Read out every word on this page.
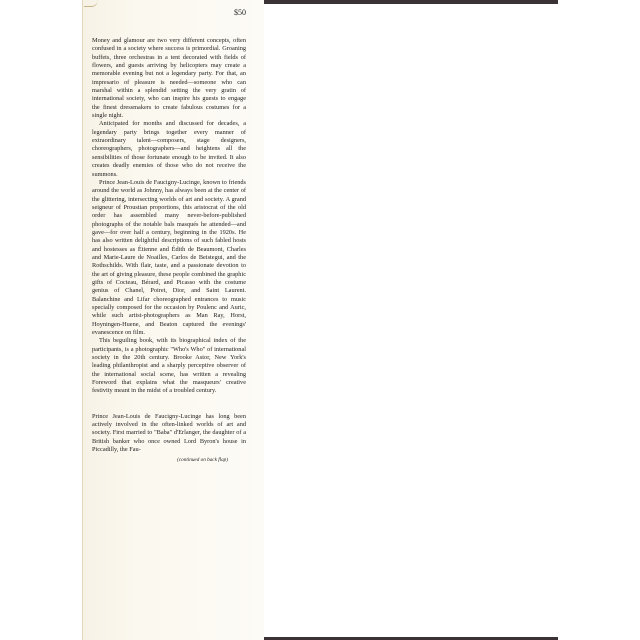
$50

Money and glamour are two very different concepts, often confused in a society where success is primordial. Groaning buffets, three orchestras in a tent decorated with fields of flowers, and guests arriving by helicopters may create a memorable evening but not a legendary party. For that, an impresario of pleasure is needed—someone who can marshal within a splendid setting the very gratin of international society, who can inspire his guests to engage the finest dressmakers to create fabulous costumes for a single night.

Anticipated for months and discussed for decades, a legendary party brings together every manner of extraordinary talent—composers, stage designers, choreographers, photographers—and heightens all the sensibilities of those fortunate enough to be invited. It also creates deadly enemies of those who do not receive the summons.

Prince Jean-Louis de Faucigny-Lucinge, known to friends around the world as Johnny, has always been at the center of the glittering, intersecting worlds of art and society. A grand seigneur of Proustian proportions, this aristocrat of the old order has assembled many never-before-published photographs of the notable bals masqués he attended—and gave—for over half a century, beginning in the 1920s. He has also written delightful descriptions of such fabled hosts and hostesses as Étienne and Édith de Beaumont, Charles and Marie-Laure de Noailles, Carlos de Beistegui, and the Rothschilds. With flair, taste, and a passionate devotion to the art of giving pleasure, these people combined the graphic gifts of Cocteau, Bérard, and Picasso with the costume genius of Chanel, Poiret, Dior, and Saint Laurent. Balanchine and Lifar choreographed entrances to music specially composed for the occasion by Poulenc and Auric, while such artist-photographers as Man Ray, Horst, Hoyningen-Huene, and Beaton captured the evenings' evanescence on film.

This beguiling book, with its biographical index of the participants, is a photographic "Who's Who" of international society in the 20th century. Brooke Astor, New York's leading philanthropist and a sharply perceptive observer of the international social scene, has written a revealing Foreword that explains what the masqueurs' creative festivity meant in the midst of a troubled century.

Prince Jean-Louis de Faucigny-Lucinge has long been actively involved in the often-linked worlds of art and society. First married to "Baba" d'Erlanger, the daughter of a British banker who once owned Lord Byron's house in Piccadilly, the Fau-

(continued on back flap)
